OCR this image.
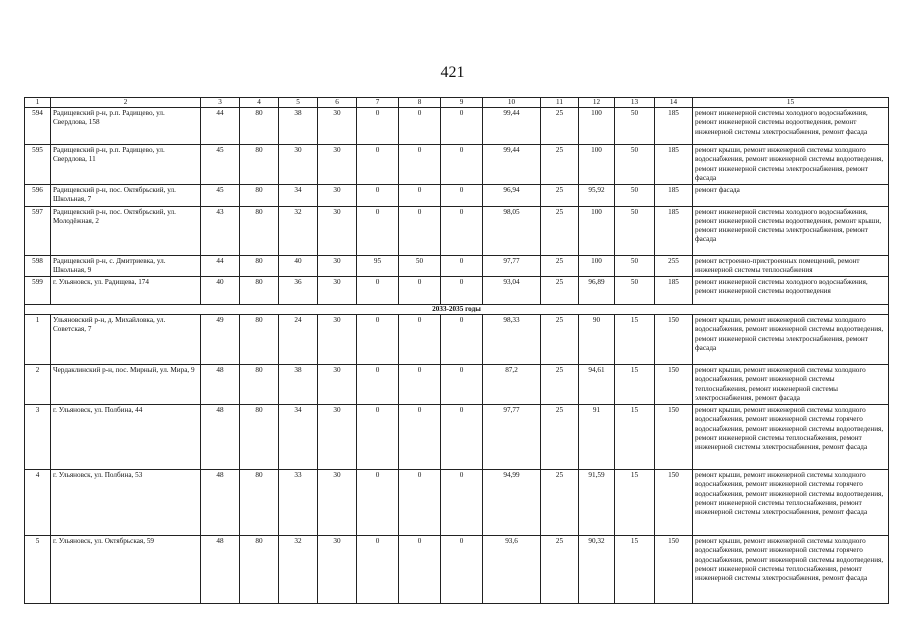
421
1	2	3	4	5	6	7	8	9	10	11	12	13	14	15
594	Радищевский р-н, р.п. Радищево, ул. Свердлова, 158	44	80	38	30	0	0	0	99,44	25	100	50	185	ремонт инженерной системы холодного водоснабжения, ремонт инженерной системы водоотведения, ремонт инженерной системы электроснабжения, ремонт фасада
595	Радищевский р-н, р.п. Радищево, ул. Свердлова, 11	45	80	30	30	0	0	0	99,44	25	100	50	185	ремонт крыши, ремонт инженерной системы холодного водоснабжения, ремонт инженерной системы водоотведения, ремонт инженерной системы электроснабжения, ремонт фасада
596	Радищевский р-н, пос. Октябрьский, ул. Школьная, 7	45	80	34	30	0	0	0	96,94	25	95,92	50	185	ремонт фасада
597	Радищевский р-н, пос. Октябрьский, ул. Молодёжная, 2	43	80	32	30	0	0	0	98,05	25	100	50	185	ремонт инженерной системы холодного водоснабжения, ремонт инженерной системы водоотведения, ремонт крыши, ремонт инженерной системы электроснабжения, ремонт фасада
598	Радищевский р-н, с. Дмитриевка, ул. Школьная, 9	44	80	40	30	95	50	0	97,77	25	100	50	255	ремонт встроенно-пристроенных помещений, ремонт инженерной системы теплоснабжения
599	г. Ульяновск, ул. Радищева, 174	40	80	36	30	0	0	0	93,04	25	96,89	50	185	ремонт инженерной системы холодного водоснабжения, ремонт инженерной системы водоотведения
2033-2035 годы														
1	Ульяновский р-н, д. Михайловка, ул. Советская, 7	49	80	24	30	0	0	0	98,33	25	90	15	150	ремонт крыши, ремонт инженерной системы холодного водоснабжения, ремонт инженерной системы водоотведения, ремонт инженерной системы электроснабжения, ремонт фасада
2	Чердаклинский р-н, пос. Мирный, ул. Мира, 9	48	80	38	30	0	0	0	87,2	25	94,61	15	150	ремонт крыши, ремонт инженерной системы холодного водоснабжения, ремонт инженерной системы теплоснабжения, ремонт инженерной системы электроснабжения, ремонт фасада
3	г. Ульяновск, ул. Полбина, 44	48	80	34	30	0	0	0	97,77	25	91	15	150	ремонт крыши, ремонт инженерной системы холодного водоснабжения, ремонт инженерной системы горячего водоснабжения, ремонт инженерной системы водоотведения, ремонт инженерной системы теплоснабжения, ремонт инженерной системы электроснабжения, ремонт фасада
4	г. Ульяновск, ул. Полбина, 53	48	80	33	30	0	0	0	94,99	25	91,59	15	150	ремонт крыши, ремонт инженерной системы холодного водоснабжения, ремонт инженерной системы горячего водоснабжения, ремонт инженерной системы водоотведения, ремонт инженерной системы теплоснабжения, ремонт инженерной системы электроснабжения, ремонт фасада
5	г. Ульяновск, ул. Октябрьская, 59	48	80	32	30	0	0	0	93,6	25	90,32	15	150	ремонт крыши, ремонт инженерной системы холодного водоснабжения, ремонт инженерной системы горячего водоснабжения, ремонт инженерной системы водоотведения, ремонт инженерной системы теплоснабжения, ремонт инженерной системы электроснабжения, ремонт фасада
